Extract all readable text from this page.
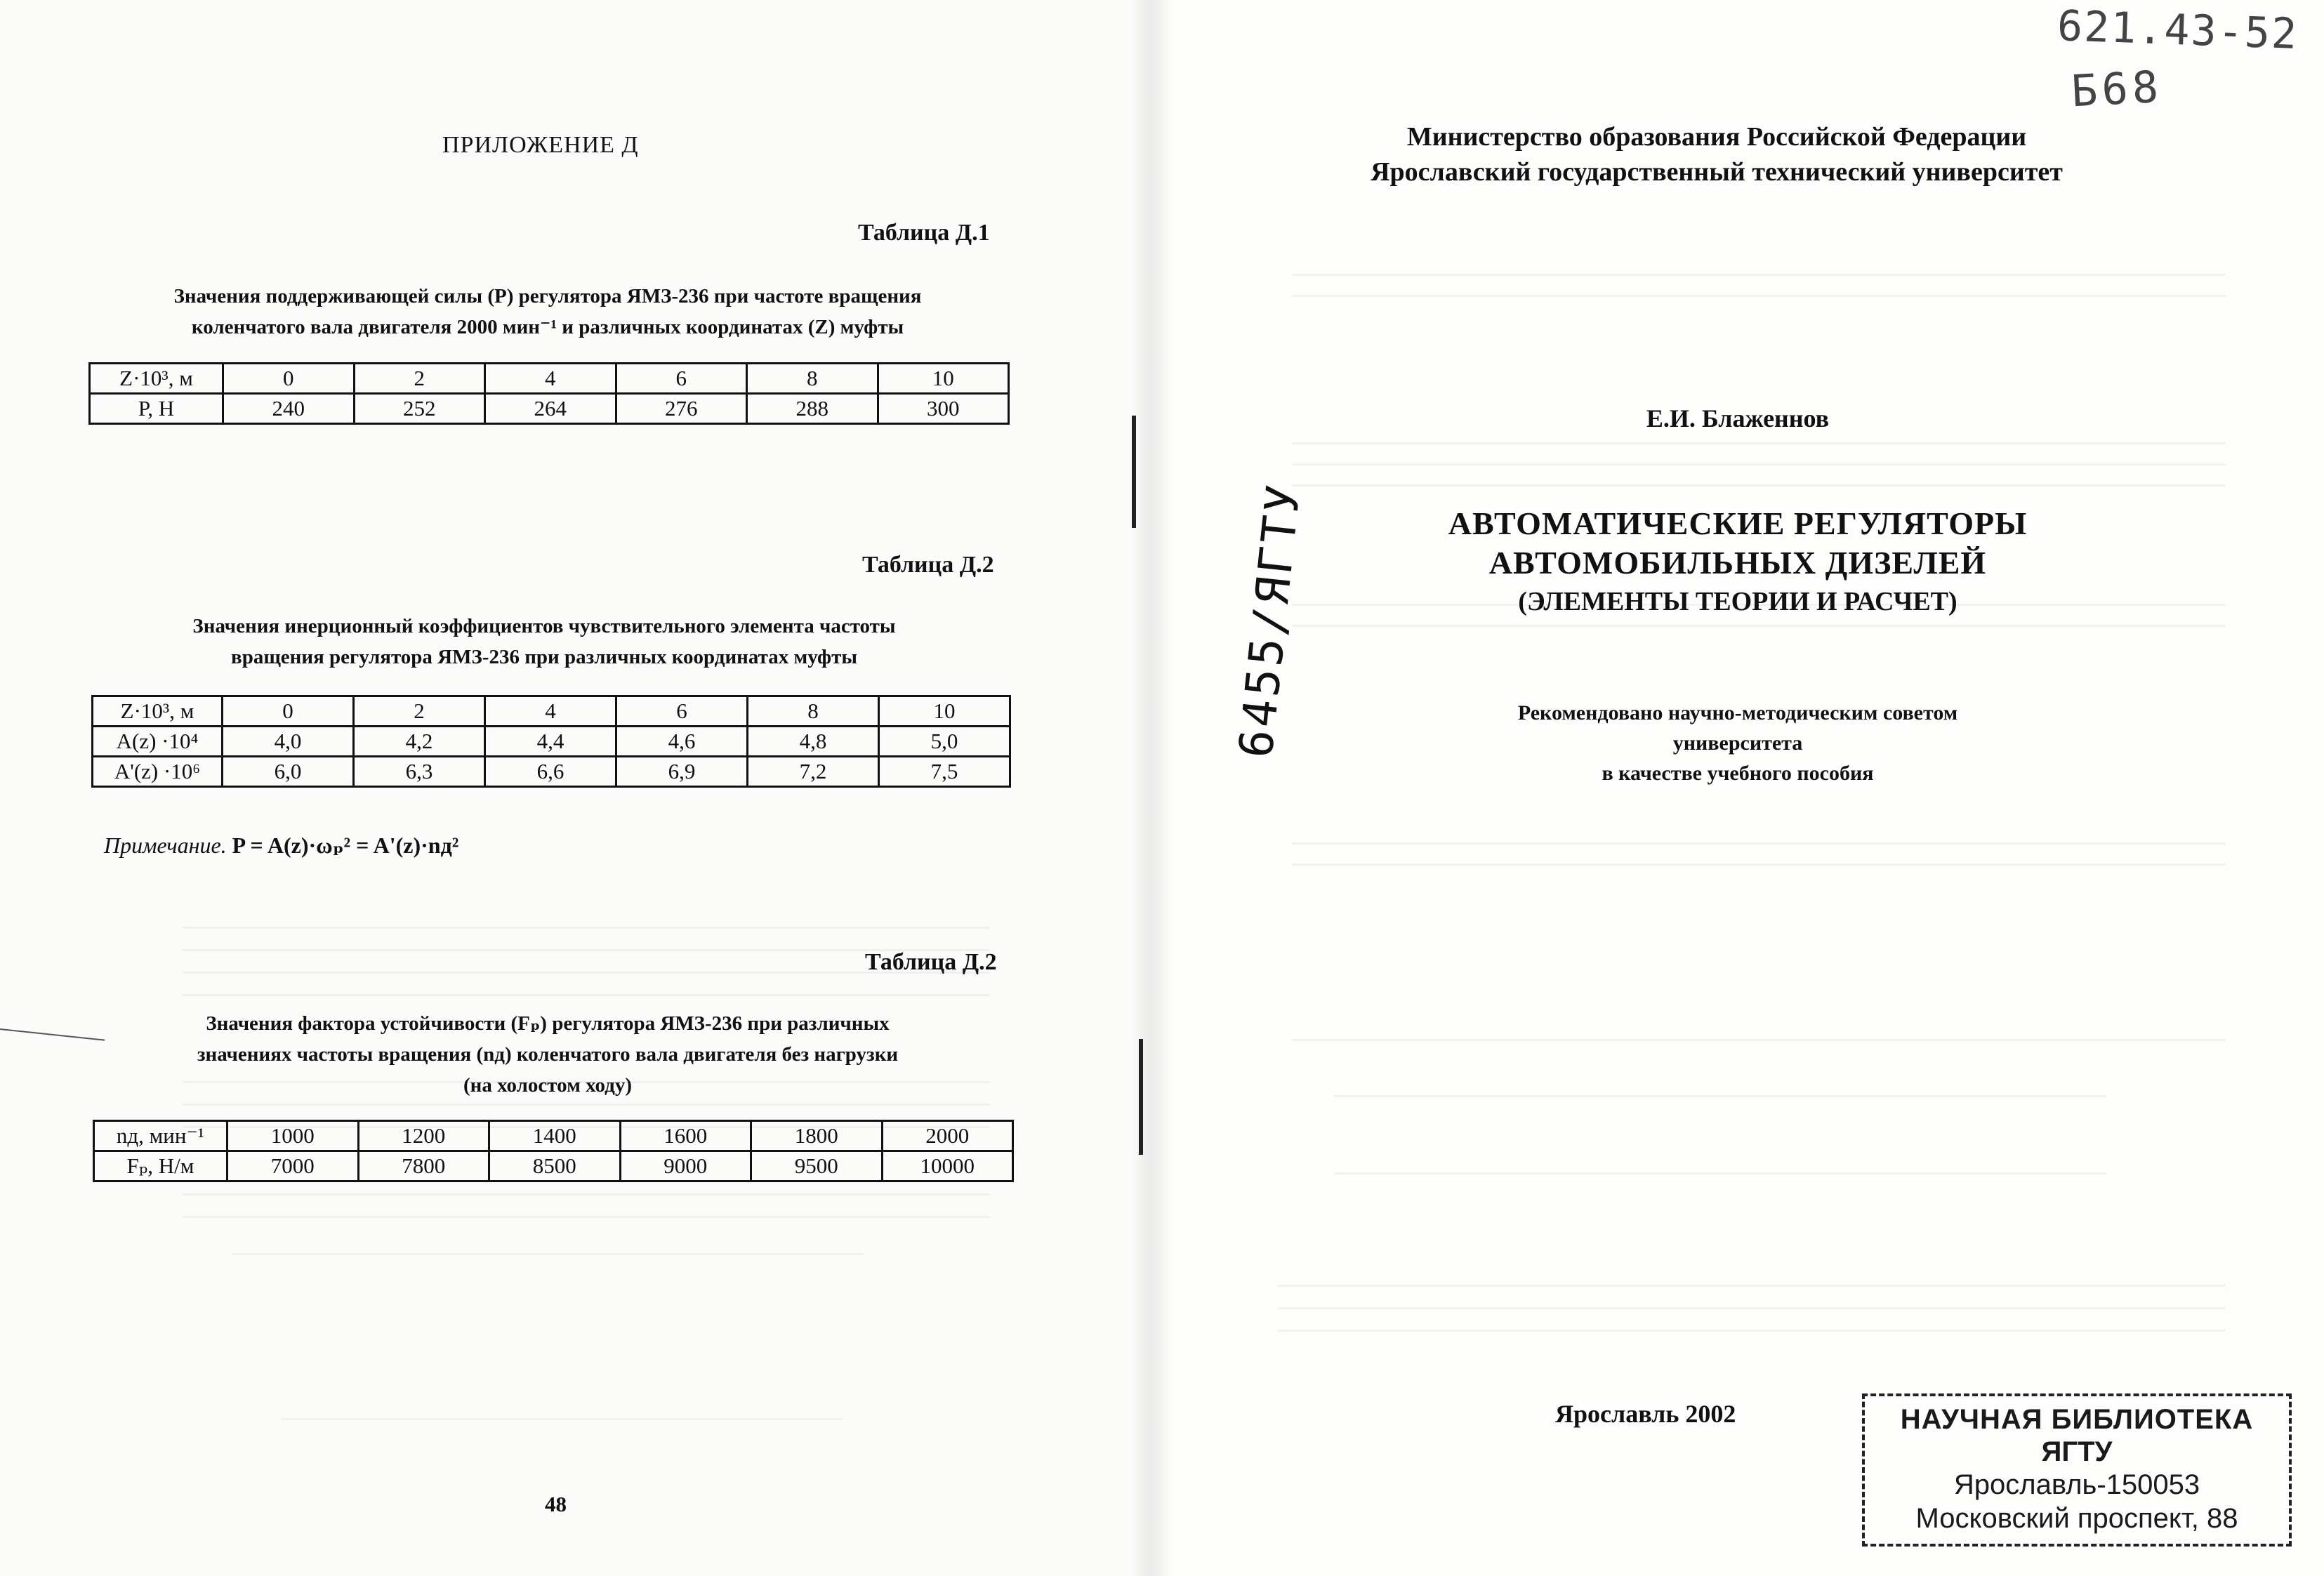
ПРИЛОЖЕНИЕ Д
Таблица Д.1
Значения поддерживающей силы (Р) регулятора ЯМЗ-236 при частоте вращения
коленчатого вала двигателя 2000 мин⁻¹ и различных координатах (Z) муфты
Z·10³, м	0	2	4	6	8	10
Р, Н	240	252	264	276	288	300
Таблица Д.2
Значения инерционный коэффициентов чувствительного элемента частоты
вращения регулятора ЯМЗ-236 при различных координатах муфты
Z·10³, м	0	2	4	6	8	10
A(z) ·10⁴	4,0	4,2	4,4	4,6	4,8	5,0
A'(z) ·10⁶	6,0	6,3	6,6	6,9	7,2	7,5
Примечание. P = A(z)·ωₚ² = A'(z)·nд²
Таблица Д.2
Значения фактора устойчивости (Fₚ) регулятора ЯМЗ-236 при различных
значениях частоты вращения (nд) коленчатого вала двигателя без нагрузки
(на холостом ходу)
nд, мин⁻¹	1000	1200	1400	1600	1800	2000
Fₚ, Н/м	7000	7800	8500	9000	9500	10000
48
621.43-52
Б68
6455/ЯГТУ
Министерство образования Российской Федерации
Ярославский государственный технический университет
Е.И. Блаженнов
АВТОМАТИЧЕСКИЕ РЕГУЛЯТОРЫ
АВТОМОБИЛЬНЫХ ДИЗЕЛЕЙ
(ЭЛЕМЕНТЫ ТЕОРИИ И РАСЧЕТ)
Рекомендовано научно-методическим советом
университета
в качестве учебного пособия
Ярославль 2002	НАУЧНАЯ БИБЛИОТЕКА
ЯГТУ
Ярославль-150053
Московский проспект, 88
